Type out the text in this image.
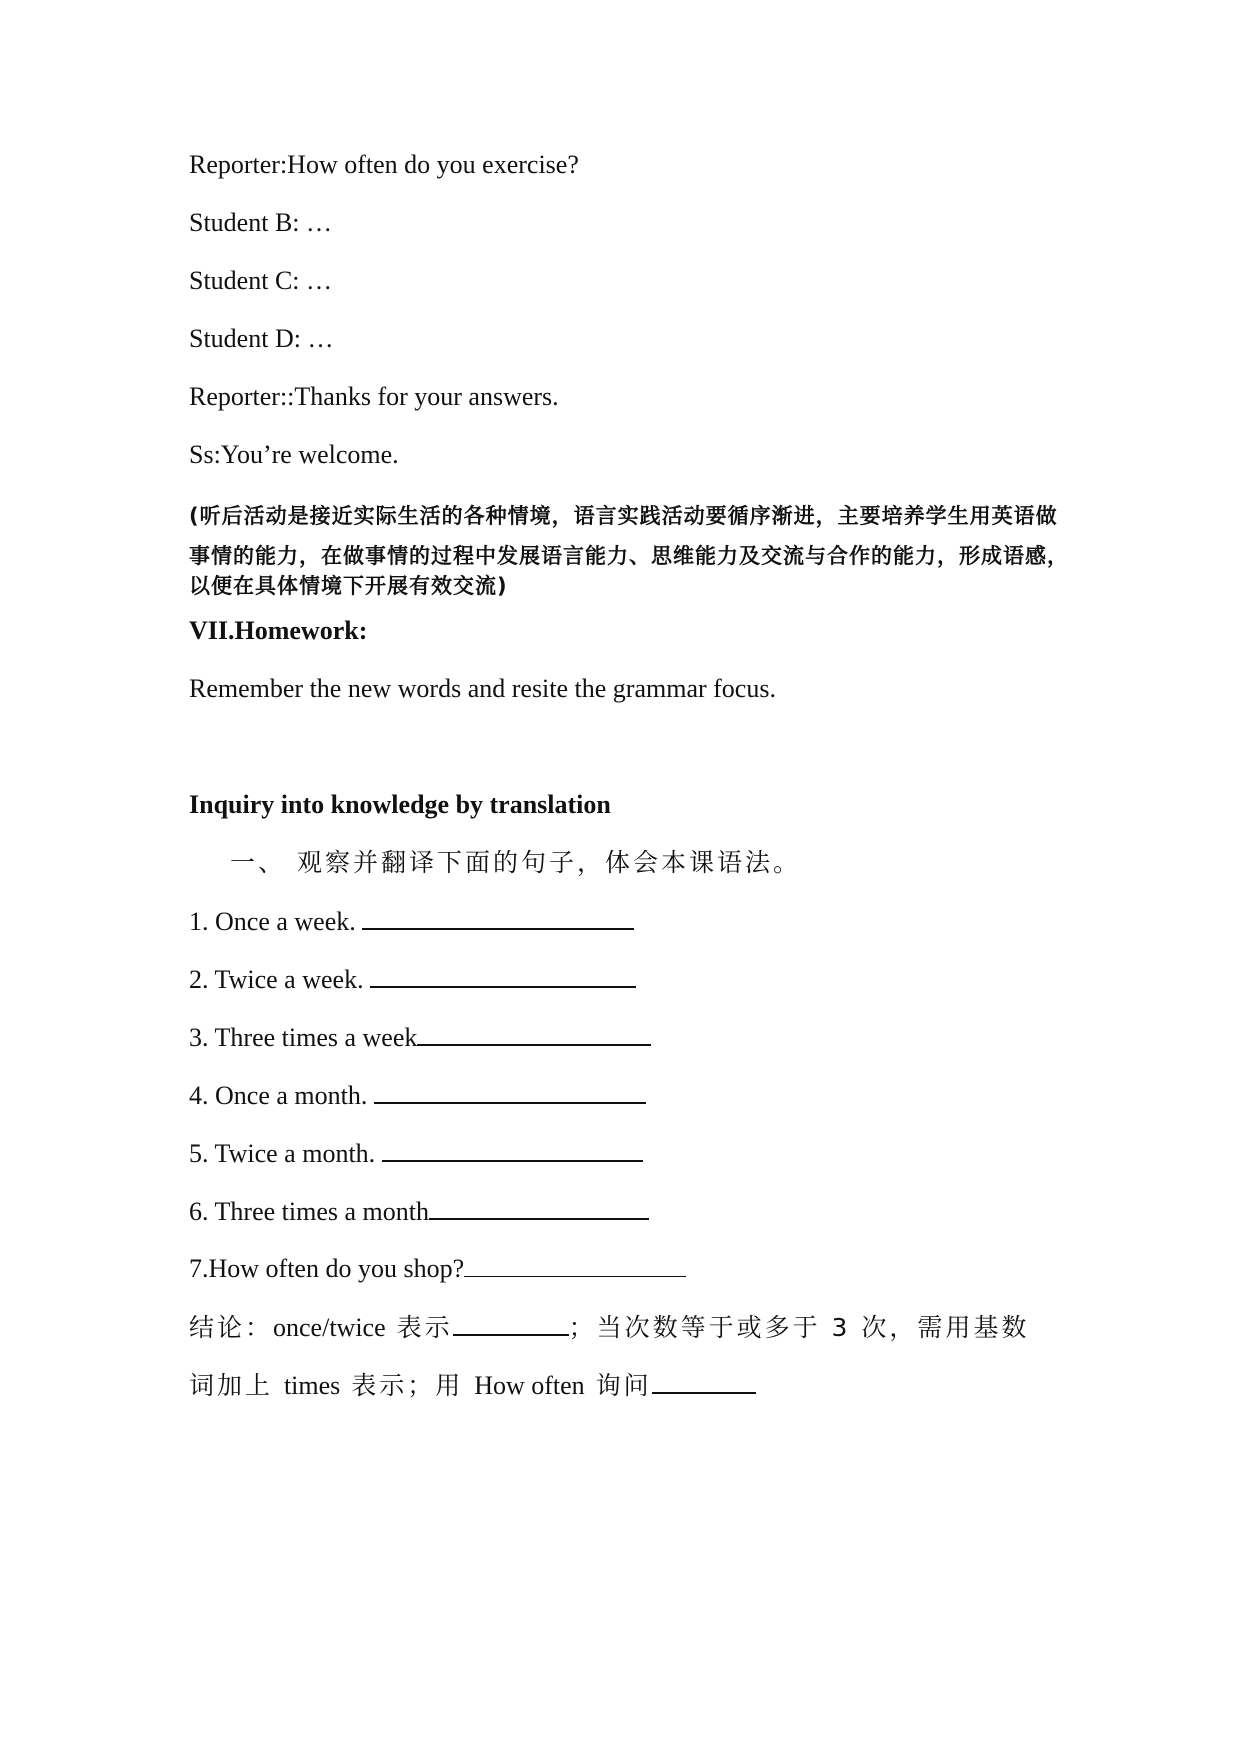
Reporter:How often do you exercise?
Student B: …
Student C: …
Student D: …
Reporter::Thanks for your answers.
Ss:You’re welcome.
(听后活动是接近实际生活的各种情境，语言实践活动要循序渐进，主要培养学生用英语做
事情的能力，在做事情的过程中发展语言能力、思维能力及交流与合作的能力，形成语感，
以便在具体情境下开展有效交流)
VII.Homework:
Remember the new words and resite the grammar focus.
Inquiry into knowledge by translation
一、 观察并翻译下面的句子，体会本课语法。
1. Once a week.
2. Twice a week.
3. Three times a week
4. Once a month.
5. Twice a month.
6. Three times a month
7.How often do you shop?
结论：once/twice 表示	；当次数等于或多于 3 次，需用基数
词加上 times 表示；用 How often 询问
